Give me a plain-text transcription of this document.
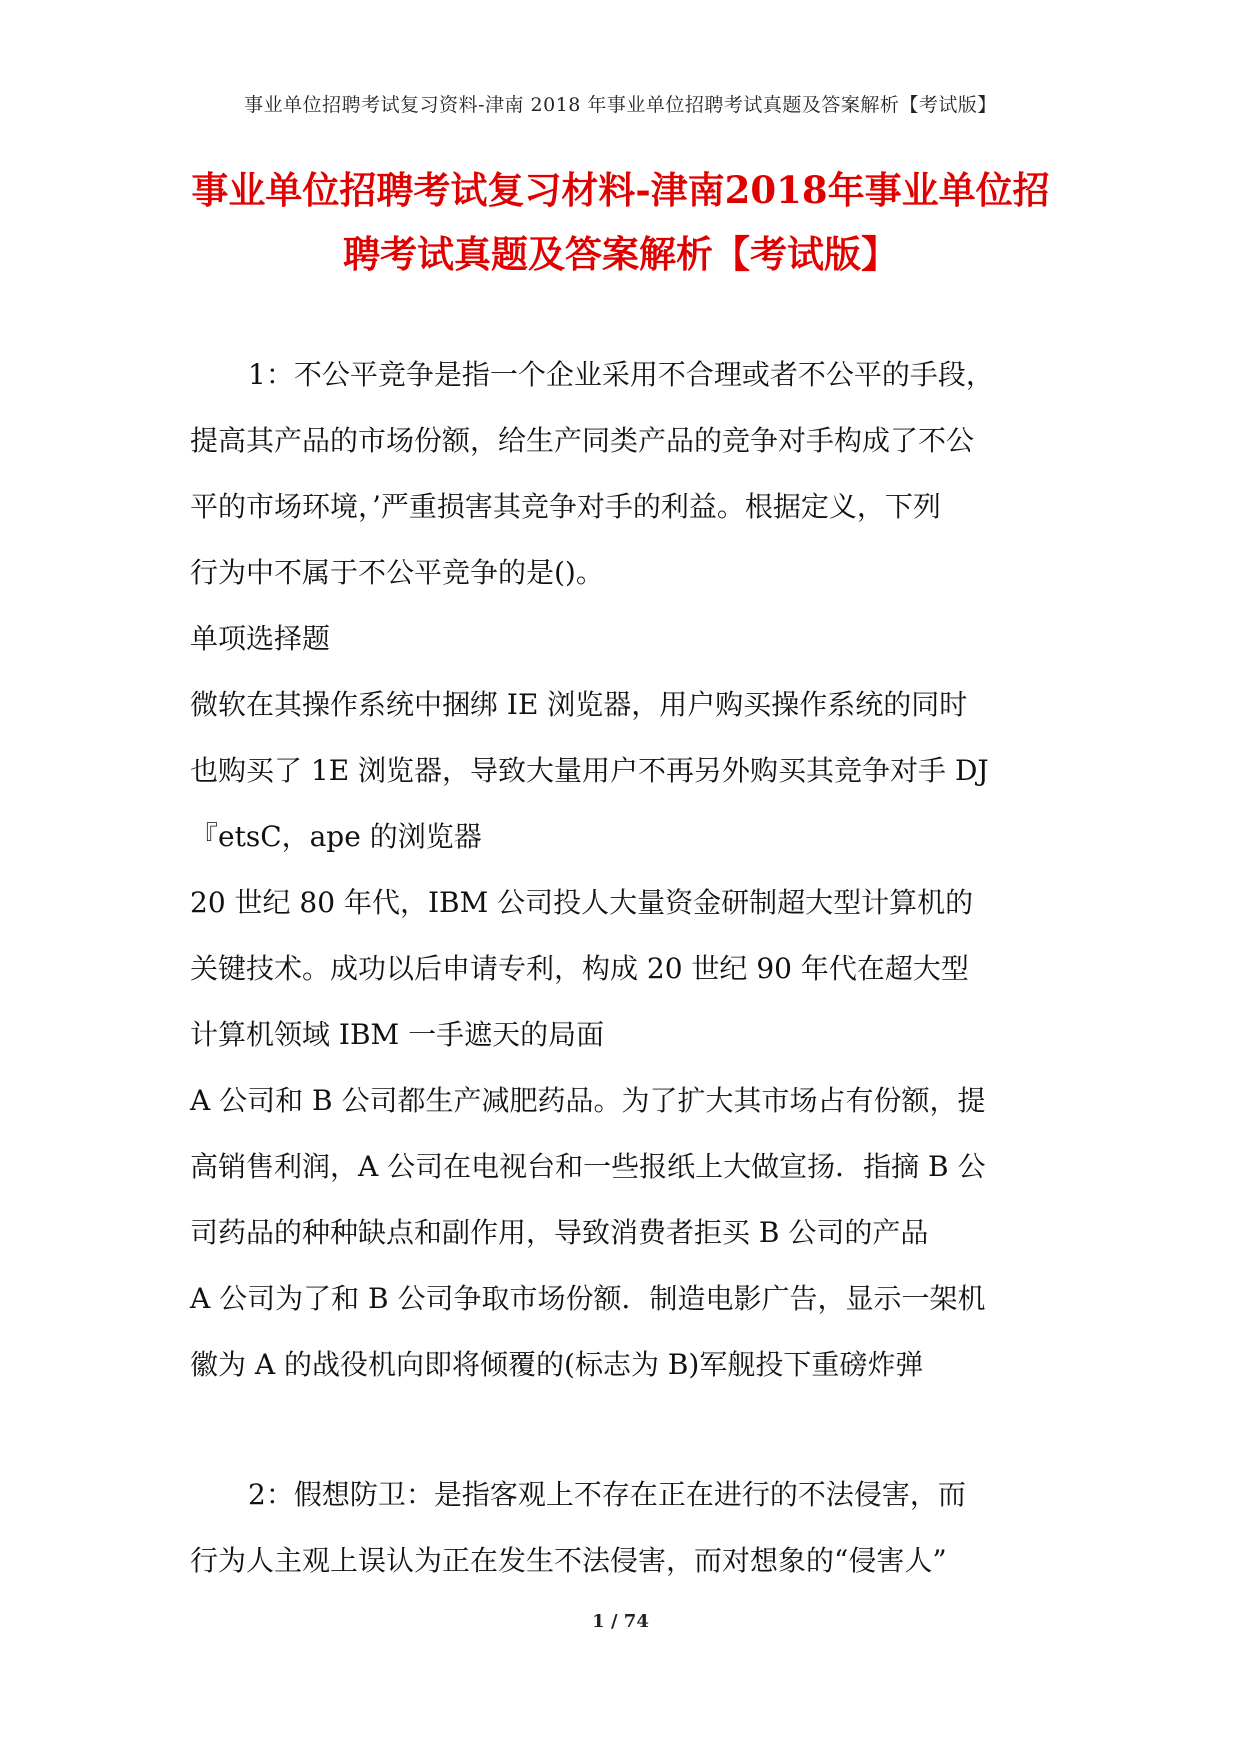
事业单位招聘考试复习资料-津南 2018 年事业单位招聘考试真题及答案解析【考试版】
事业单位招聘考试复习材料-津南2018年事业单位招
聘考试真题及答案解析【考试版】

1：不公平竞争是指一个企业采用不合理或者不公平的手段，

提高其产品的市场份额，给生产同类产品的竞争对手构成了不公

平的市场环境，’严重损害其竞争对手的利益。根据定义，下列

行为中不属于不公平竞争的是()。

单项选择题

微软在其操作系统中捆绑 IE 浏览器，用户购买操作系统的同时

也购买了 1E 浏览器，导致大量用户不再另外购买其竞争对手 DJ

『etsC，ape 的浏览器

20 世纪 80 年代，IBM 公司投人大量资金研制超大型计算机的

关键技术。成功以后申请专利，构成 20 世纪 90 年代在超大型

计算机领域 IBM 一手遮天的局面

A 公司和 B 公司都生产减肥药品。为了扩大其市场占有份额，提

高销售利润，A 公司在电视台和一些报纸上大做宣扬．指摘 B 公

司药品的种种缺点和副作用，导致消费者拒买 B 公司的产品

A 公司为了和 B 公司争取市场份额．制造电影广告，显示一架机

徽为 A 的战役机向即将倾覆的(标志为 B)军舰投下重磅炸弹

2：假想防卫：是指客观上不存在正在进行的不法侵害，而

行为人主观上误认为正在发生不法侵害，而对想象的“侵害人”

1 / 74
